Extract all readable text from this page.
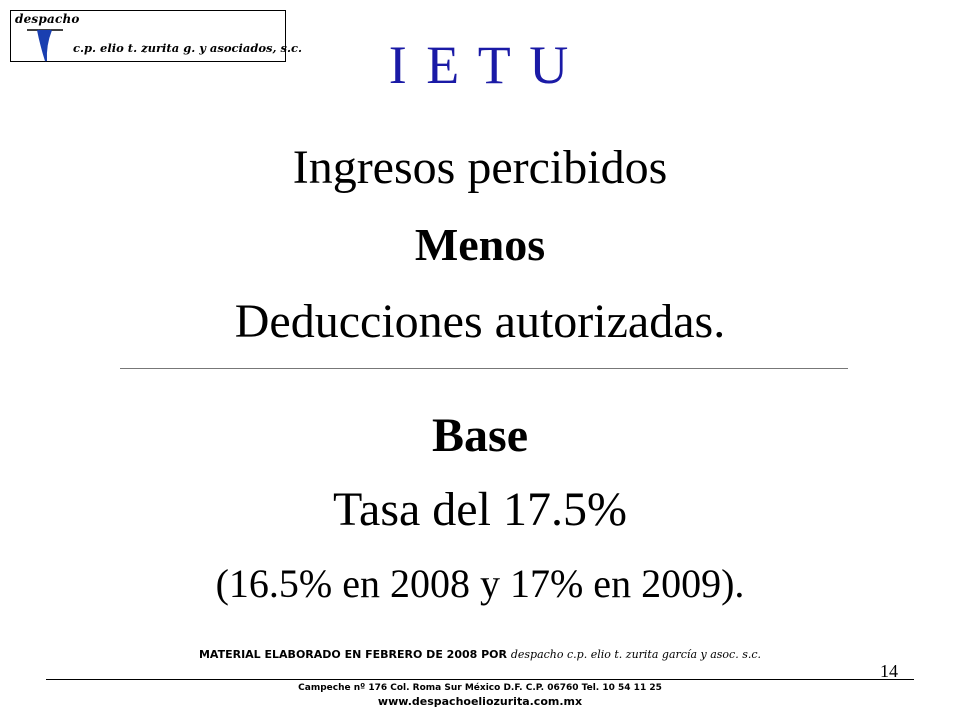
despacho
c.p. elio t. zurita g. y asociados, s.c.	I E T U
Ingresos percibidos
Menos
Deducciones autorizadas.
Base
Tasa del 17.5%
(16.5% en 2008 y 17% en 2009).
MATERIAL ELABORADO EN FEBRERO DE 2008 POR despacho c.p. elio t. zurita garcía y asoc. s.c.
14
Campeche nº 176 Col. Roma Sur México D.F. C.P. 06760 Tel. 10 54 11 25
www.despachoeliozurita.com.mx
